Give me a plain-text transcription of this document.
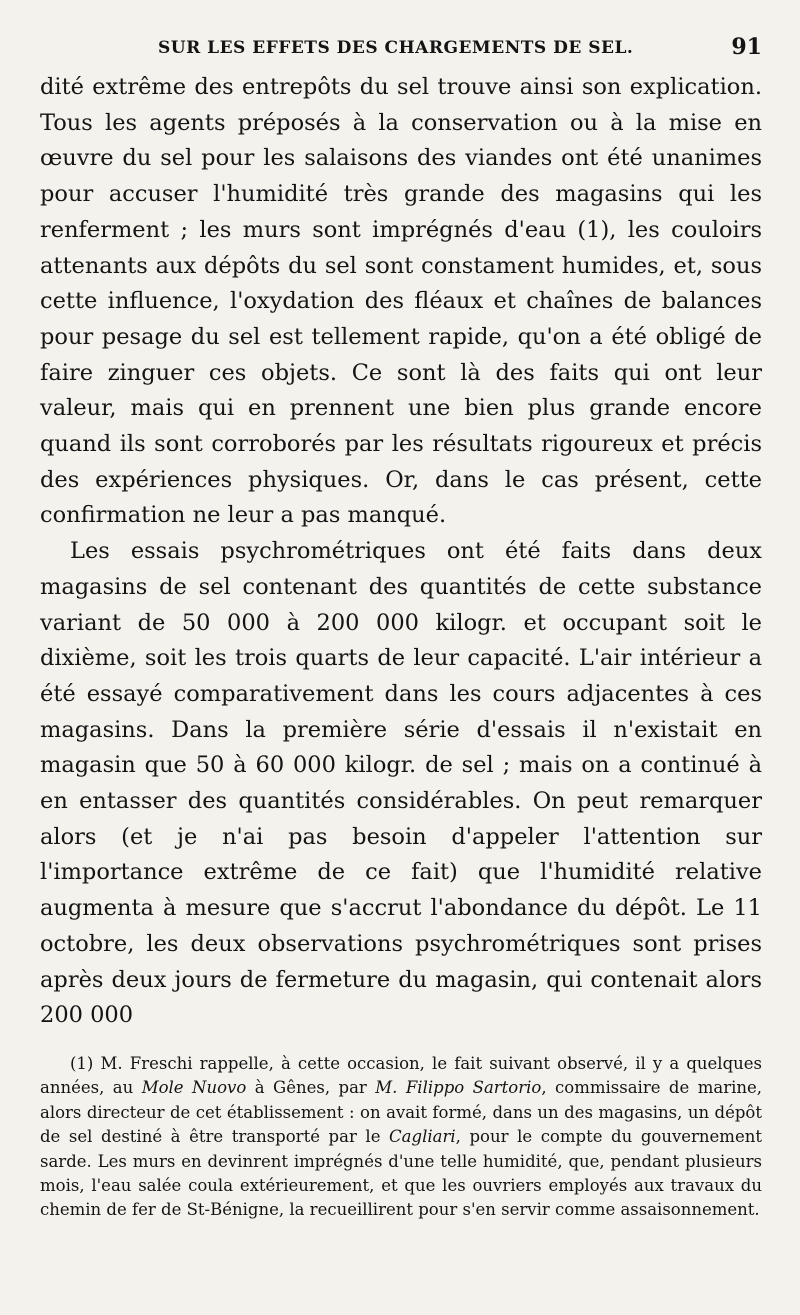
SUR LES EFFETS DES CHARGEMENTS DE SEL.	91

dité extrême des entrepôts du sel trouve ainsi son explication. Tous les agents préposés à la conservation ou à la mise en œuvre du sel pour les salaisons des viandes ont été unanimes pour accuser l'humidité très grande des magasins qui les renferment ; les murs sont imprégnés d'eau (1), les couloirs attenants aux dépôts du sel sont constament humides, et, sous cette influence, l'oxydation des fléaux et chaînes de balances pour pesage du sel est tellement rapide, qu'on a été obligé de faire zinguer ces objets. Ce sont là des faits qui ont leur valeur, mais qui en prennent une bien plus grande encore quand ils sont corroborés par les résultats rigoureux et précis des expériences physiques. Or, dans le cas présent, cette confirmation ne leur a pas manqué.

Les essais psychrométriques ont été faits dans deux magasins de sel contenant des quantités de cette substance variant de 50 000 à 200 000 kilogr. et occupant soit le dixième, soit les trois quarts de leur capacité. L'air intérieur a été essayé comparativement dans les cours adjacentes à ces magasins. Dans la première série d'essais il n'existait en magasin que 50 à 60 000 kilogr. de sel ; mais on a continué à en entasser des quantités considérables. On peut remarquer alors (et je n'ai pas besoin d'appeler l'attention sur l'importance extrême de ce fait) que l'humidité relative augmenta à mesure que s'accrut l'abondance du dépôt. Le 11 octobre, les deux observations psychrométriques sont prises après deux jours de fermeture du magasin, qui contenait alors 200 000

(1) M. Freschi rappelle, à cette occasion, le fait suivant observé, il y a quelques années, au Mole Nuovo à Gênes, par M. Filippo Sartorio, commissaire de marine, alors directeur de cet établissement : on avait formé, dans un des magasins, un dépôt de sel destiné à être transporté par le Cagliari, pour le compte du gouvernement sarde. Les murs en devinrent imprégnés d'une telle humidité, que, pendant plusieurs mois, l'eau salée coula extérieurement, et que les ouvriers employés aux travaux du chemin de fer de St-Bénigne, la recueillirent pour s'en servir comme assaisonnement.
